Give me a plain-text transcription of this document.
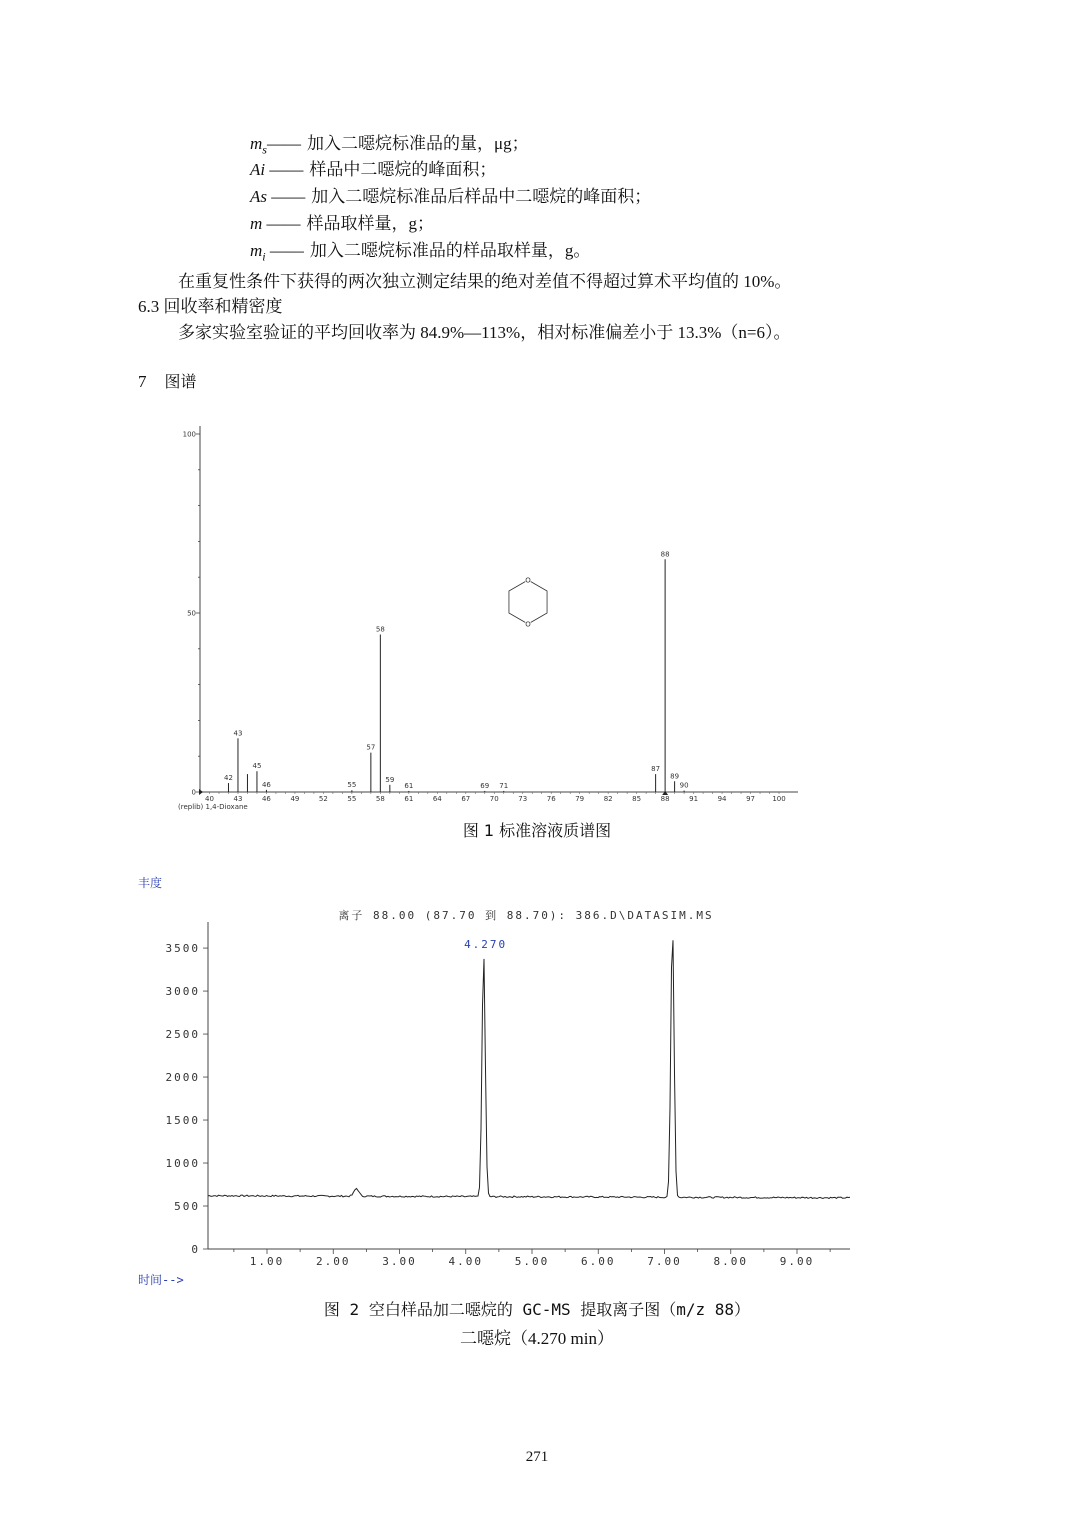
$m_s——$ 加入二噁烷标准品的量，μg；
Ai —— 样品中二噁烷的峰面积；
As —— 加入二噁烷标准品后样品中二噁烷的峰面积；
m —— 样品取样量，g；
$m_i$ —— 加入二噁烷标准品的样品取样量，g。
在重复性条件下获得的两次独立测定结果的绝对差值不得超过算术平均值的 10%。
6.3 回收率和精密度
多家实验室验证的平均回收率为 84.9%—113%，相对标准偏差小于 13.3%（n=6）。
7 图谱
0
50
100
40	43	46	49	52	55	58	61	64	67	70	73	76	79	82	85	88	91	94	97 100
42
43
45
46	55
57
58
59
61	69 71
87
88
89
90
(replib) 1,4-Dioxane
O
O
图 1 标准溶液质谱图
丰度
0
500
1000
1500
2000
2500
3000
3500
1.00	2.00	3.00	4.00	5.00	6.00	7.00	8.00	9.00
离子 88.00 (87.70 到 88.70): 386.D\DATASIM.MS
4.270
时间-->
图 2 空白样品加二噁烷的 GC-MS 提取离子图（m/z 88）
二噁烷（4.270 min）
271
